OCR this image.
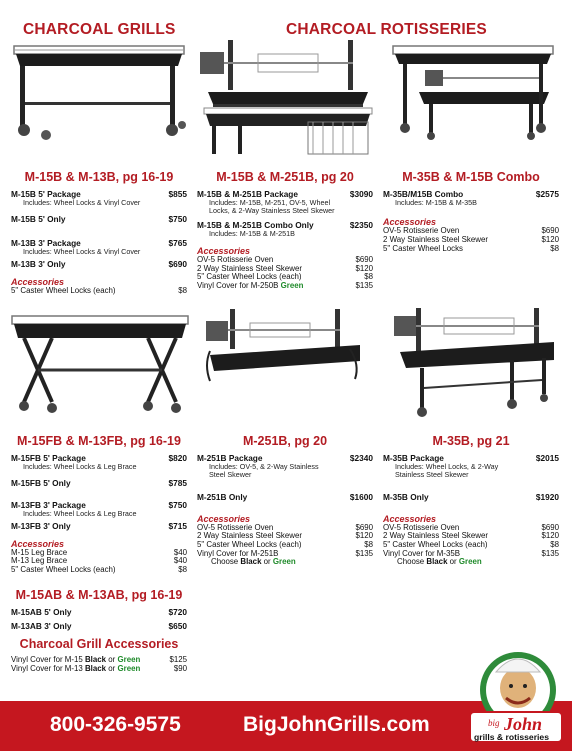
CHARCOAL GRILLS	CHARCOAL ROTISSERIES
M-15B & M-13B, pg 16-19
M-15B 5' Package	$855
Includes: Wheel Locks & Vinyl Cover
M-15B 5' Only	$750
M-13B 3' Package	$765
Includes: Wheel Locks & Vinyl Cover
M-13B 3' Only	$690
Accessories
5" Caster Wheel Locks (each)	$8
M-15B & M-251B, pg 20
M-15B & M-251B Package	$3090
Includes: M-15B, M-251, OV-5, Wheel Locks, & 2-Way Stainless Steel Skewer
M-15B & M-251B Combo Only	$2350
Includes: M-15B & M-251B
Accessories
OV-5 Rotisserie Oven	$690
2 Way Stainless Steel Skewer	$120
5" Caster Wheel Locks (each)	$8
Vinyl Cover for M-250B Green	$135
M-35B & M-15B Combo
M-35B/M15B Combo	$2575
Includes: M-15B & M-35B
Accessories
OV-5 Rotisserie Oven	$690
2 Way Stainless Steel Skewer	$120
5" Caster Wheel Locks	$8
M-15FB & M-13FB, pg 16-19
M-15FB 5' Package	$820
Includes: Wheel Locks & Leg Brace
M-15FB 5' Only	$785
M-13FB 3' Package	$750
Includes: Wheel Locks & Leg Brace
M-13FB 3' Only	$715
Accessories
M-15 Leg Brace	$40
M-13 Leg Brace	$40
5" Caster Wheel Locks (each)	$8
M-251B, pg 20
M-251B Package	$2340
Includes: OV-5, & 2-Way Stainless Steel Skewer
M-251B Only	$1600
Accessories
OV-5 Rotisserie Oven	$690
2 Way Stainless Steel Skewer	$120
5" Caster Wheel Locks (each)	$8
Vinyl Cover for M-251B	$135
Choose Black or Green
M-35B, pg 21
M-35B Package	$2015
Includes: Wheel Locks, & 2-Way Stainless Steel Skewer
M-35B Only	$1920
Accessories
OV-5 Rotisserie Oven	$690
2 Way Stainless Steel Skewer	$120
5" Caster Wheel Locks (each)	$8
Vinyl Cover for M-35B	$135
Choose Black or Green
M-15AB & M-13AB, pg 16-19
M-15AB 5' Only	$720
M-13AB 3' Only	$650
Charcoal Grill Accessories
Vinyl Cover for M-15 Black or Green	$125
Vinyl Cover for M-13 Black or Green	$90
800-326-9575	BigJohnGrills.com	big John
grills & rotisseries
